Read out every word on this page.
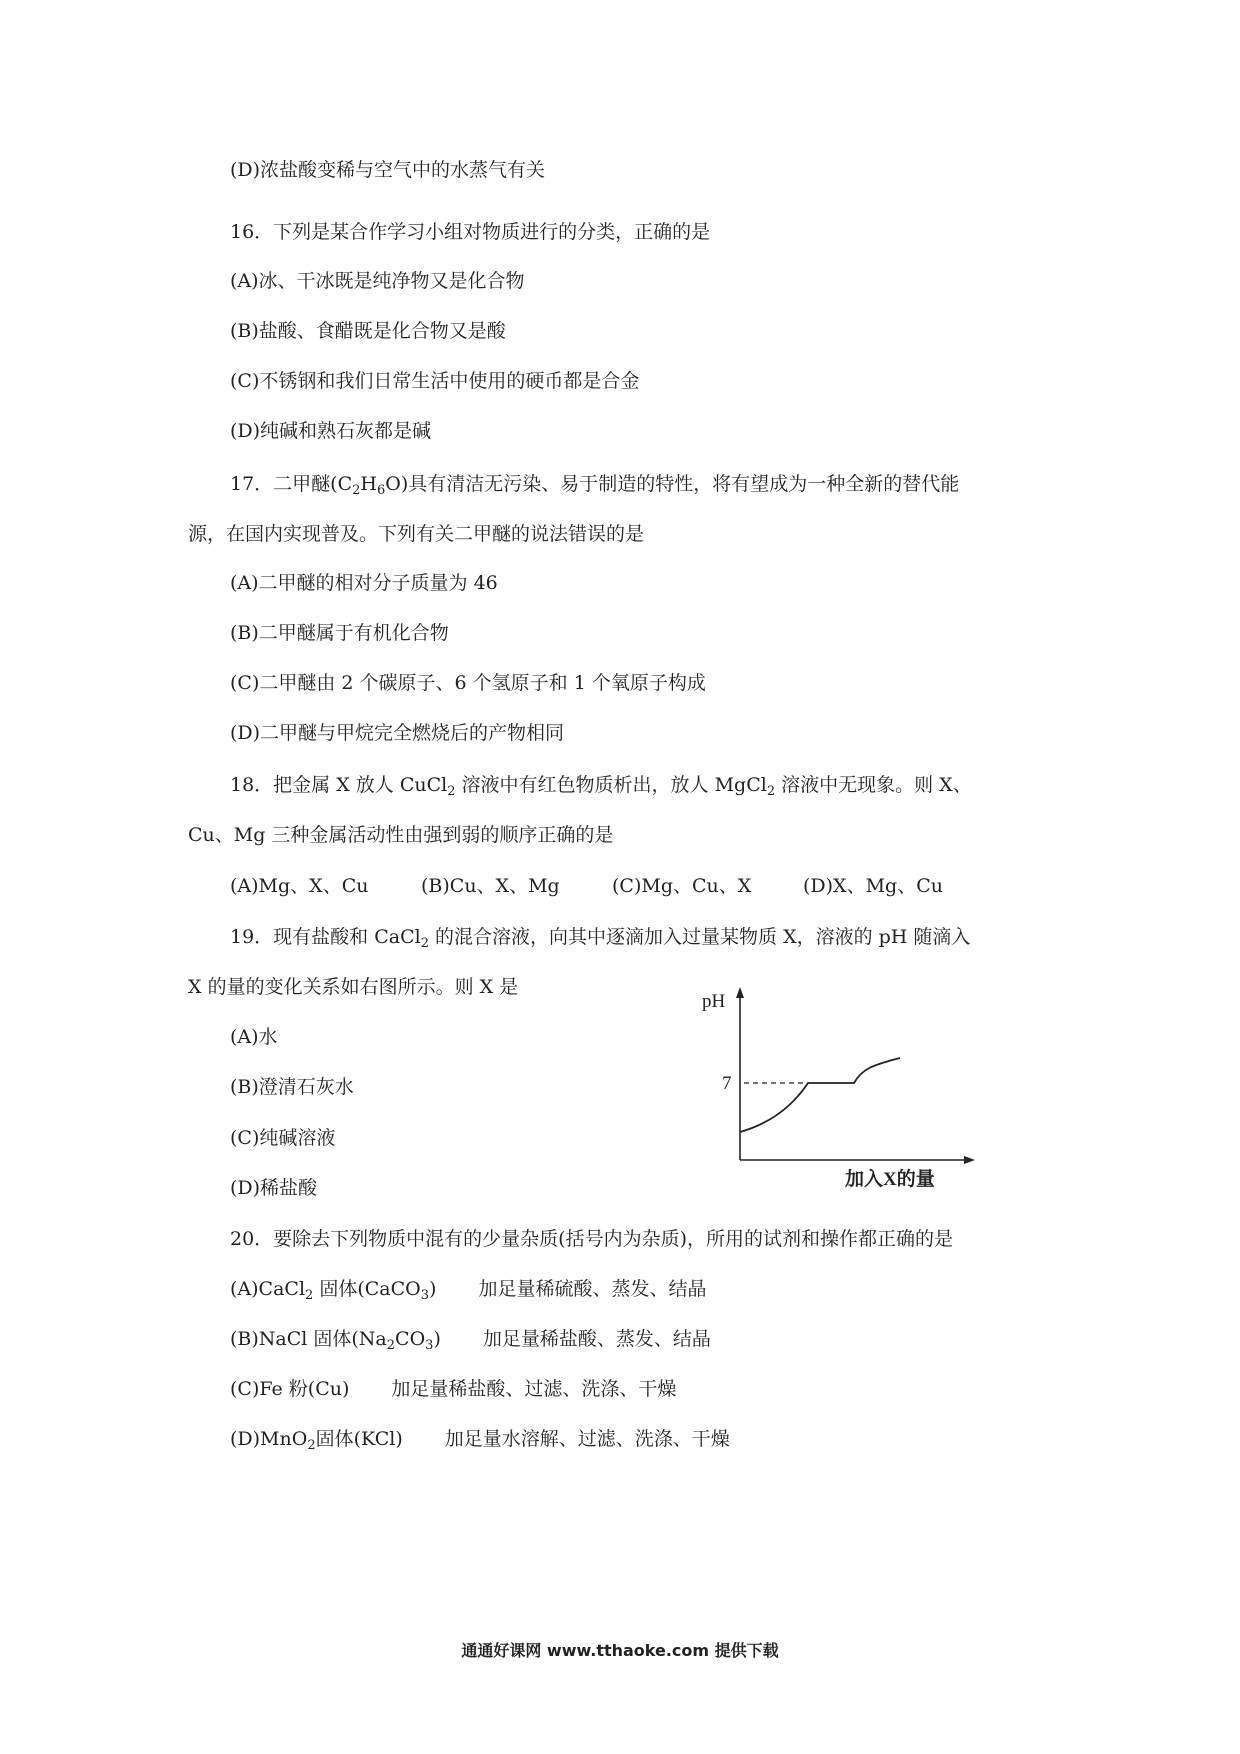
(D)浓盐酸变稀与空气中的水蒸气有关
16．下列是某合作学习小组对物质进行的分类，正确的是
(A)冰、干冰既是纯净物又是化合物
(B)盐酸、食醋既是化合物又是酸
(C)不锈钢和我们日常生活中使用的硬币都是合金
(D)纯碱和熟石灰都是碱
17．二甲醚$(C_2H_6O)$具有清洁无污染、易于制造的特性，将有望成为一种全新的替代能
源，在国内实现普及。下列有关二甲醚的说法错误的是
(A)二甲醚的相对分子质量为 46
(B)二甲醚属于有机化合物
(C)二甲醚由 2 个碳原子、6 个氢原子和 1 个氧原子构成
(D)二甲醚与甲烷完全燃烧后的产物相同
18．把金属 X 放人 CuCl$_2$ 溶液中有红色物质析出，放人 MgCl$_2$ 溶液中无现象。则 X、
Cu、Mg 三种金属活动性由强到弱的顺序正确的是
(A)Mg、X、Cu	(B)Cu、X、Mg	(C)Mg、Cu、X	(D)X、Mg、Cu
19．现有盐酸和 CaCl$_2$ 的混合溶液，向其中逐滴加入过量某物质 X，溶液的 pH 随滴入
X 的量的变化关系如右图所示。则 X 是
(A)水
(B)澄清石灰水
(C)纯碱溶液
(D)稀盐酸
pH
7
加入X的量
20．要除去下列物质中混有的少量杂质(括号内为杂质)，所用的试剂和操作都正确的是
(A)CaCl$_2$ 固体(CaCO$_3$) 加足量稀硫酸、蒸发、结晶
(B)NaCl 固体$(Na_2CO_3)$ 加足量稀盐酸、蒸发、结晶
(C)Fe 粉(Cu) 加足量稀盐酸、过滤、洗涤、干燥
(D)MnO$_2$固体(KCl) 加足量水溶解、过滤、洗涤、干燥
通通好课网 www.tthaoke.com 提供下载
